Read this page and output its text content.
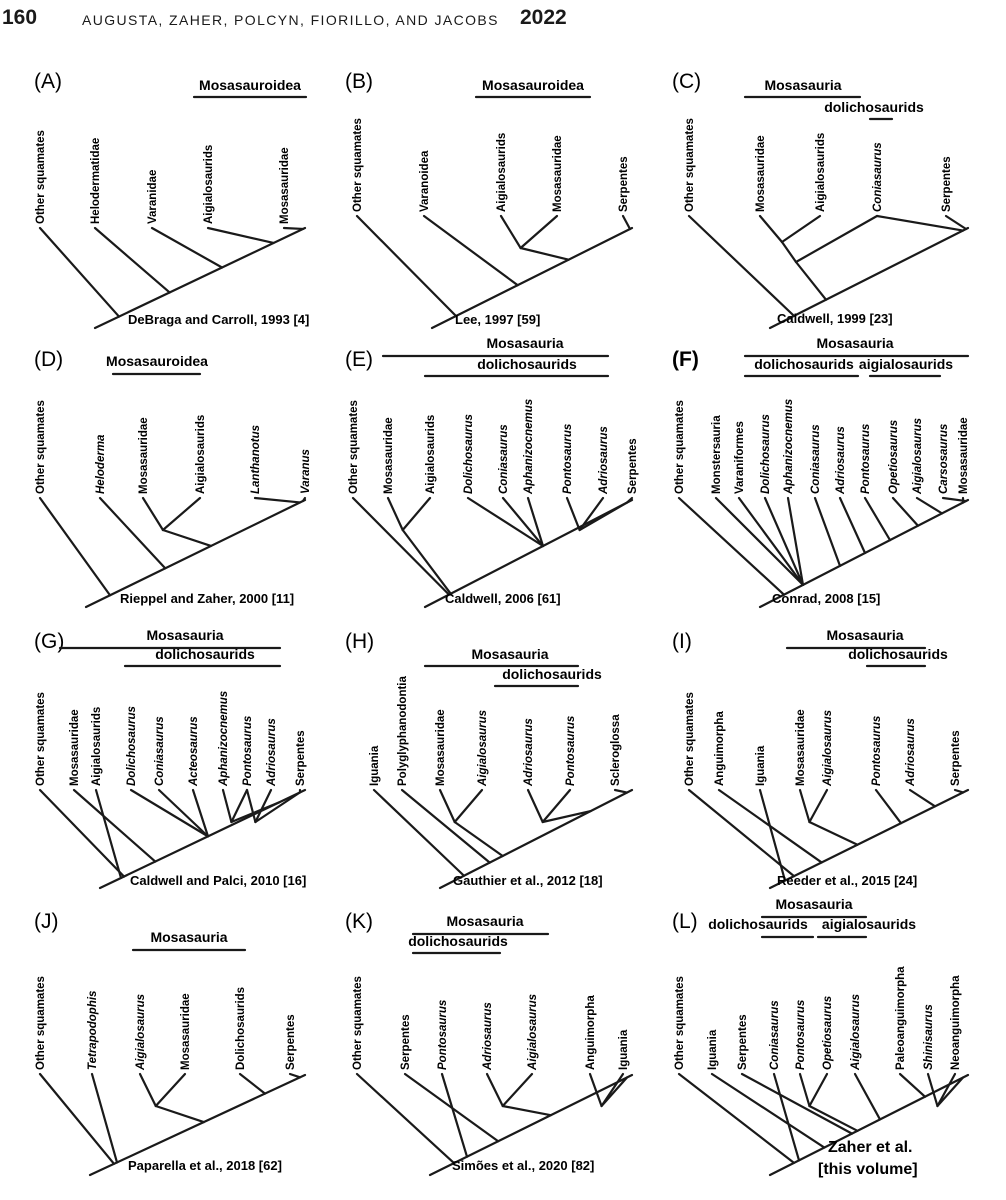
160	AUGUSTA, ZAHER, POLCYN, FIORILLO, AND JACOBS 2022
(A)
Other squamates	Helodermatidae	Varanidae	Aigialosaurids	Mosasauridae
Mosasauroidea
DeBraga and Carroll, 1993 [4]
(B)
Other squamates	Varanoidea	Aigialosaurids	Mosasauridae	Serpentes
Mosasauroidea
Lee, 1997 [59]
(C)
Other squamates	Mosasauridae	Aigialosaurids	Coniasaurus	Serpentes
Mosasauria
dolichosaurids
Caldwell, 1999 [23]
(D)
Other squamates	Heloderma	Mosasauridae	Aigialosaurids	Lanthanotus	Varanus
Mosasauroidea
Rieppel and Zaher, 2000 [11]
(E)
Other squamates Mosasauridae	Aigialosaurids Dolichosaurus Coniasaurus Aphanizocnemus Pontosaurus Adriosaurus Serpentes
Mosasauria
dolichosaurids
Caldwell, 2006 [61]
(F)
Other squamates Monstersauria Varaniformes Dolichosaurus Aphanizocnemus Coniasaurus Adriosaurus Pontosaurus Opetiosaurus Aigialosaurus Carsosaurus Mosasauridae
Mosasauria
dolichosaurids aigialosaurids
Conrad, 2008 [15]
(G)
Other squamates Mosasauridae Aigialosaurids Dolichosaurus Coniasaurus Acteosaurus Aphanizocnemus Pontosaurus Adriosaurus Serpentes
Mosasauria
dolichosaurids
Caldwell and Palci, 2010 [16]
(H)
Iguania Polyglyphanodontia Mosasauridae	Aigialosaurus	Adriosaurus	Pontosaurus	Scleroglossa
Mosasauria
dolichosaurids
Gauthier et al., 2012 [18]
(I)
Other squamates Anguimorpha	Iguania Mosasauridae Aigialosaurus	Pontosaurus Adriosaurus	Serpentes
Mosasauria
dolichosaurids
Reeder et al., 2015 [24]
(J)
Other squamates	Tetrapodophis	Aigialosaurus	Mosasauridae	Dolichosaurids	Serpentes
Mosasauria
Paparella et al., 2018 [62]
(K)
Other squamates	Serpentes Pontosaurus	Adriosaurus	Aigialosaurus	Anguimorpha Iguania
Mosasauria
dolichosaurids
Simões et al., 2020 [82]
(L)
Other squamates Iguania Serpentes Coniasaurus Pontosaurus Opetiosaurus Aigialosaurus	Paleoanguimorpha Shinisaurus Neoanguimorpha
Mosasauria
dolichosaurids aigialosaurids
Zaher et al.
[this volume]
